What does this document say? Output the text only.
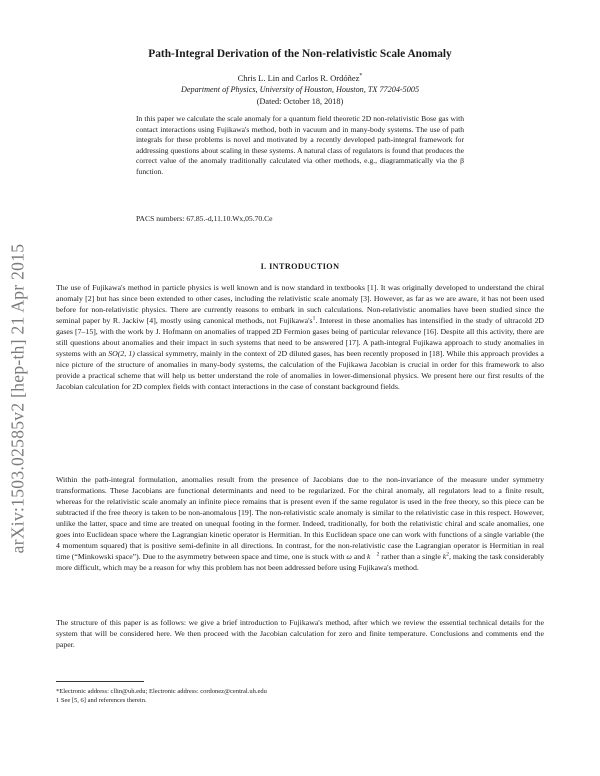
arXiv:1503.02585v2 [hep-th] 21 Apr 2015
Path-Integral Derivation of the Non-relativistic Scale Anomaly
Chris L. Lin and Carlos R. Ordóñez*
Department of Physics, University of Houston, Houston, TX 77204-5005
(Dated: October 18, 2018)
In this paper we calculate the scale anomaly for a quantum field theoretic 2D non-relativistic Bose gas with contact interactions using Fujikawa's method, both in vacuum and in many-body systems. The use of path integrals for these problems is novel and motivated by a recently developed path-integral framework for addressing questions about scaling in these systems. A natural class of regulators is found that produces the correct value of the anomaly traditionally calculated via other methods, e.g., diagrammatically via the β function.
PACS numbers: 67.85.-d,11.10.Wx,05.70.Ce
I. INTRODUCTION

The use of Fujikawa's method in particle physics is well known and is now standard in textbooks [1]. It was originally developed to understand the chiral anomaly [2] but has since been extended to other cases, including the relativistic scale anomaly [3]. However, as far as we are aware, it has not been used before for non-relativistic physics. There are currently reasons to embark in such calculations. Non-relativistic anomalies have been studied since the seminal paper by R. Jackiw [4], mostly using canonical methods, not $Fujikawa's^1$. Interest in these anomalies has intensified in the study of ultracold 2D gases [7–15], with the work by J. Hofmann on anomalies of trapped 2D Fermion gases being of particular relevance [16]. Despite all this activity, there are still questions about anomalies and their impact in such systems that need to be answered [17]. A path-integral Fujikawa approach to study anomalies in systems with an SO(2, 1) classical symmetry, mainly in the context of 2D diluted gases, has been recently proposed in [18]. While this approach provides a nice picture of the structure of anomalies in many-body systems, the calculation of the Fujikawa Jacobian is crucial in order for this framework to also provide a practical scheme that will help us better understand the role of anomalies in lower-dimensional physics. We present here our first results of the Jacobian calculation for 2D complex fields with contact interactions in the case of constant background fields.

Within the path-integral formulation, anomalies result from the presence of Jacobians due to the non-invariance of the measure under symmetry transformations. These Jacobians are functional determinants and need to be regularized. For the chiral anomaly, all regulators lead to a finite result, whereas for the relativistic scale anomaly an infinite piece remains that is present even if the same regulator is used in the free theory, so this piece can be subtracted if the free theory is taken to be non-anomalous [19]. The non-relativistic scale anomaly is similar to the relativistic case in this respect. However, unlike the latter, space and time are treated on unequal footing in the former. Indeed, traditionally, for both the relativistic chiral and scale anomalies, one goes into Euclidean space where the Lagrangian kinetic operator is Hermitian. In this Euclidean space one can work with functions of a single variable (the 4 momentum squared) that is positive semi-definite in all directions. In contrast, for the non-relativistic case the Lagrangian operator is Hermitian in real time (“Minkowski space”). Due to the asymmetry between space and time, one is stuck with ω and k⃗$^2$ rather than a single $k^2$, making the task considerably more difficult, which may be a reason for why this problem has not been addressed before using Fujikawa's method.

The structure of this paper is as follows: we give a brief introduction to Fujikawa's method, after which we review the essential technical details for the system that will be considered here. We then proceed with the Jacobian calculation for zero and finite temperature. Conclusions and comments end the paper.

*Electronic address: cllin@uh.edu; Electronic address: cordonez@central.uh.edu
1 See [5, 6] and references therein.
